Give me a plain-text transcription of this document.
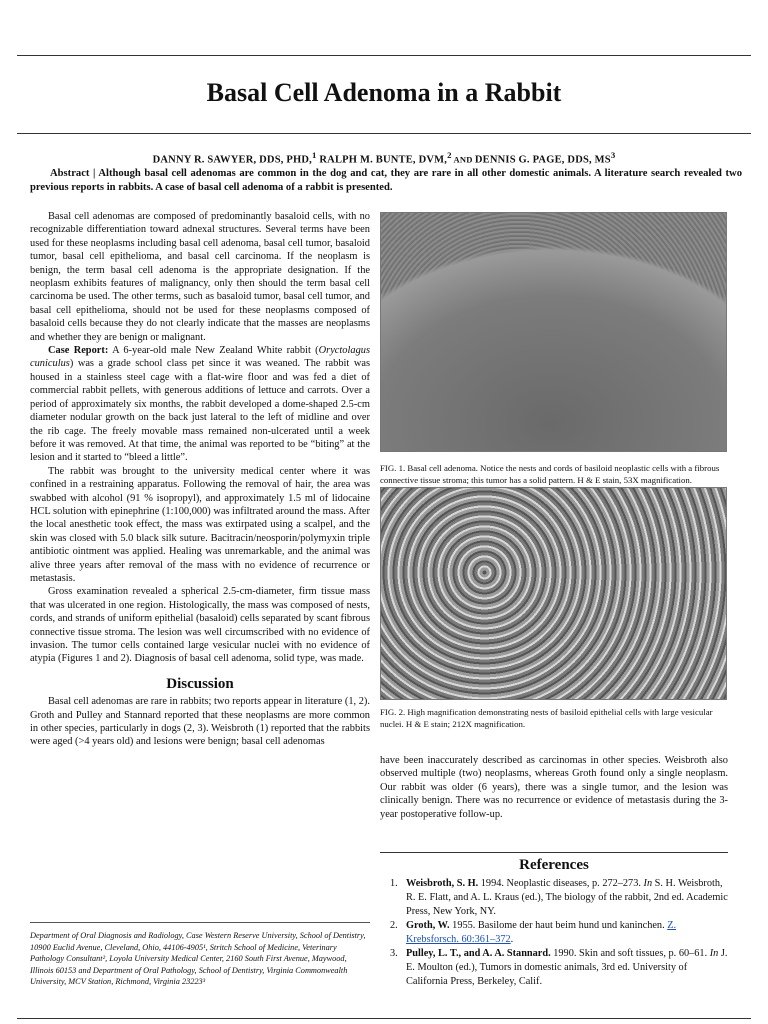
Basal Cell Adenoma in a Rabbit
DANNY R. SAWYER, DDS, PHD,$^1$ RALPH M. BUNTE, DVM,$^2$ AND DENNIS G. PAGE, DDS, $MS^3$
Abstract | Although basal cell adenomas are common in the dog and cat, they are rare in all other domestic animals. A literature search revealed two previous reports in rabbits. A case of basal cell adenoma of a rabbit is presented.

Basal cell adenomas are composed of predominantly basaloid cells, with no recognizable differentiation toward adnexal structures. Several terms have been used for these neoplasms including basal cell adenoma, basal cell tumor, basaloid tumor, basal cell epithelioma, and basal cell carcinoma. If the neoplasm is benign, the term basal cell adenoma is the appropriate designation. If the neoplasm exhibits features of malignancy, only then should the term basal cell carcinoma be used. The other terms, such as basaloid tumor, basal cell tumor, and basal cell epithelioma, should not be used for these neoplasms composed of basaloid cells because they do not clearly indicate that the masses are neoplasms and whether they are benign or malignant.

Case Report: A 6-year-old male New Zealand White rabbit (Oryctolagus cuniculus) was a grade school class pet since it was weaned. The rabbit was housed in a stainless steel cage with a flat-wire floor and was fed a diet of commercial rabbit pellets, with generous additions of lettuce and carrots. Over a period of approximately six months, the rabbit developed a dome-shaped 2.5-cm diameter nodular growth on the back just lateral to the left of midline and over the rib cage. The freely movable mass remained non-ulcerated until a week before it was removed. At that time, the animal was reported to be “biting” at the lesion and it started to “bleed a little”.

The rabbit was brought to the university medical center where it was confined in a restraining apparatus. Following the removal of hair, the area was swabbed with alcohol (91 % isopropyl), and approximately 1.5 ml of lidocaine HCL solution with epinephrine (1:100,000) was infiltrated around the mass. After the local anesthetic took effect, the mass was extirpated using a scalpel, and the skin was closed with 5.0 black silk suture. Bacitracin/neosporin/polymyxin triple antibiotic ointment was applied. Healing was unremarkable, and the animal was alive three years after removal of the mass with no evidence of recurrence or metastasis.

Gross examination revealed a spherical 2.5-cm-diameter, firm tissue mass that was ulcerated in one region. Histologically, the mass was composed of nests, cords, and strands of uniform epithelial (basaloid) cells separated by scant fibrous connective tissue stroma. The lesion was well circumscribed with no evidence of invasion. The tumor cells contained large vesicular nuclei with no evidence of atypia (Figures 1 and 2). Diagnosis of basal cell adenoma, solid type, was made.

Discussion

Basal cell adenomas are rare in rabbits; two reports appear in literature (1, 2). Groth and Pulley and Stannard reported that these neoplasms are more common in other species, particularly in dogs (2, 3). Weisbroth (1) reported that the rabbits were aged (>4 years old) and lesions were benign; basal cell adenomas

Department of Oral Diagnosis and Radiology, Case Western Reserve University, School of Dentistry, 10900 Euclid Avenue, Cleveland, Ohio, 44106-4905¹, Stritch School of Medicine, Veterinary Pathology Consultant², Loyola University Medical Center, 2160 South First Avenue, Maywood, Illinois 60153 and Department of Oral Pathology, School of Dentistry, Virginia Commonwealth University, MCV Station, Richmond, Virginia 23223³
FIG. 1. Basal cell adenoma. Notice the nests and cords of basiloid neoplastic cells with a fibrous connective tissue stroma; this tumor has a solid pattern. H & E stain, 53X magnification.
FIG. 2. High magnification demonstrating nests of basiloid epithelial cells with large vesicular nuclei. H & E stain; 212X magnification.

have been inaccurately described as carcinomas in other species. Weisbroth also observed multiple (two) neoplasms, whereas Groth found only a single neoplasm. Our rabbit was older (6 years), there was a single tumor, and the lesion was clinically benign. There was no recurrence or evidence of metastasis during the 3-year postoperative follow-up.

References
1. Weisbroth, S. H. 1994. Neoplastic diseases, p. 272–273. In S. H. Weisbroth, R. E. Flatt, and A. L. Kraus (ed.), The biology of the rabbit, 2nd ed. Academic Press, New York, NY.
2. Groth, W. 1955. Basilome der haut beim hund und kaninchen. Z. Krebsforsch. 60:361–372.
3. Pulley, L. T., and A. A. Stannard. 1990. Skin and soft tissues, p. 60–61. In J. E. Moulton (ed.), Tumors in domestic animals, 3rd ed. University of California Press, Berkeley, Calif.
